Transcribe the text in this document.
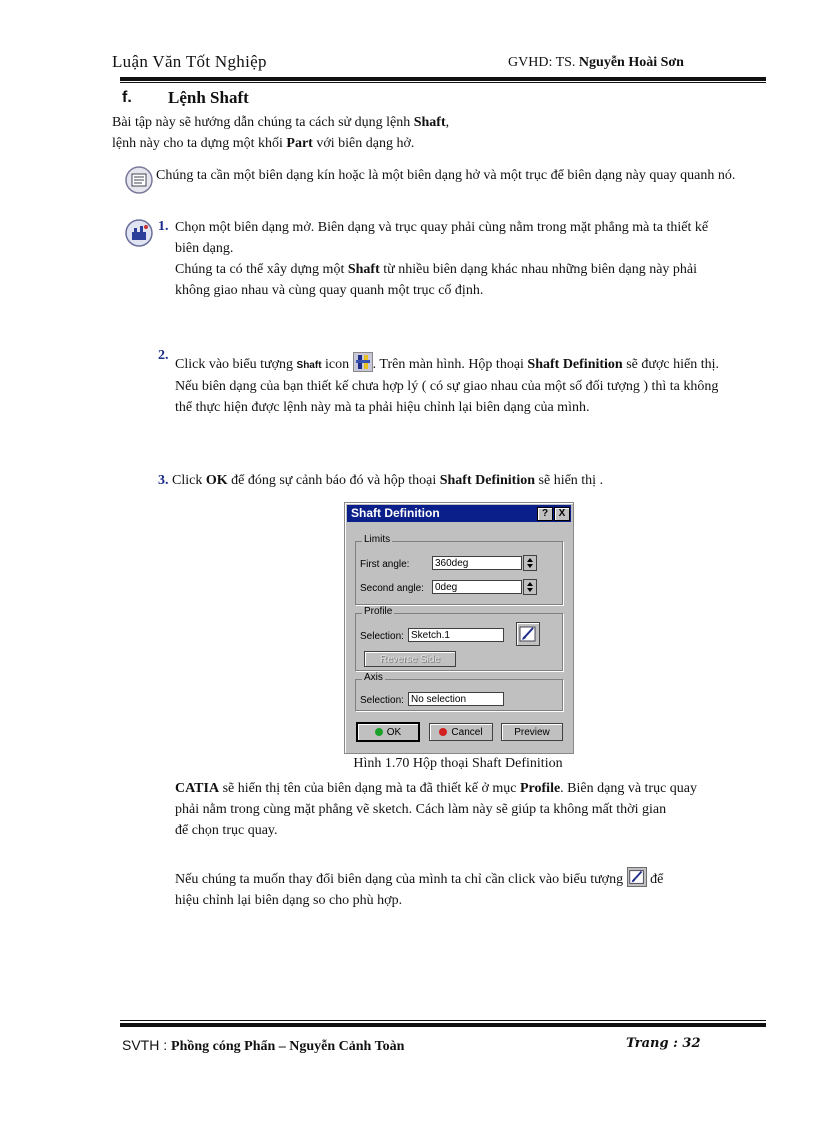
Luận Văn Tốt Nghiệp	GVHD: TS. Nguyễn Hoài Sơn
f. Lệnh Shaft
Bài tập này sẽ hướng dẫn chúng ta cách sử dụng lệnh Shaft,
lệnh này cho ta dựng một khối Part với biên dạng hở.
Chúng ta cần một biên dạng kín hoặc là một biên dạng hở và một trục để biên dạng này quay quanh nó.
1. Chọn một biên dạng mở. Biên dạng và trục quay phải cùng nằm trong mặt phẳng mà ta thiết kế
biên dạng.
Chúng ta có thể xây dựng một Shaft từ nhiều biên dạng khác nhau những biên dạng này phải
không giao nhau và cùng quay quanh một trục cố định.
2.
Click vào biểu tượng Shaft icon . Trên màn hình. Hộp thoại Shaft Definition sẽ được hiển thị.
Nếu biên dạng của bạn thiết kế chưa hợp lý ( có sự giao nhau của một số đối tượng ) thì ta không
thể thực hiện được lệnh này mà ta phải hiệu chỉnh lại biên dạng của mình.
3. Click OK để đóng sự cảnh báo đó và hộp thoại Shaft Definition sẽ hiển thị .
Shaft Definition	?	X
Limits
First angle:	360deg
Second angle:	0deg
Profile
Selection: Sketch.1
Reverse Side
Axis
Selection: No selection
OK	Cancel	Preview
Hình 1.70 Hộp thoại Shaft Definition
CATIA sẽ hiển thị tên của biên dạng mà ta đã thiết kế ở mục Profile. Biên dạng và trục quay
phải nằm trong cùng mặt phẳng vẽ sketch. Cách làm này sẽ giúp ta không mất thời gian
để chọn trục quay.
Nếu chúng ta muốn thay đổi biên dạng của mình ta chỉ cần click vào biểu tượng  để
hiệu chỉnh lại biên dạng so cho phù hợp.
SVTH : Phồng cóng Phẩn – Nguyễn Cảnh Toàn	Trang : 32
